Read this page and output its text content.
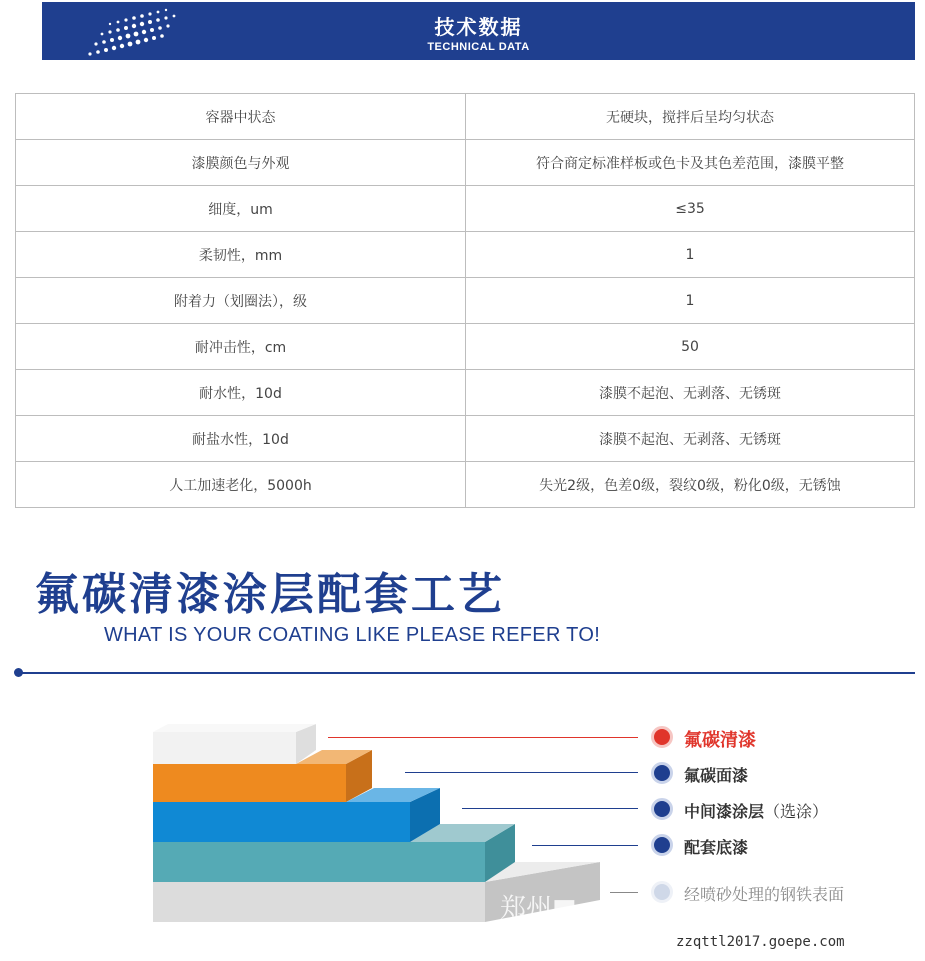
技术数据
TECHNICAL DATA
容器中状态	无硬块，搅拌后呈均匀状态
漆膜颜色与外观	符合商定标准样板或色卡及其色差范围，漆膜平整
细度，um	≤35
柔韧性，mm	1
附着力（划圈法），级	1
耐冲击性，cm	50
耐水性，10d	漆膜不起泡、无剥落、无锈斑
耐盐水性，10d	漆膜不起泡、无剥落、无锈斑
人工加速老化，5000h	失光2级，色差0级，裂纹0级，粉化0级，无锈蚀
氟碳清漆涂层配套工艺
WHAT IS YOUR COATING LIKE PLEASE REFER TO!
郑州■
氟碳清漆
氟碳面漆
中间漆涂层（选涂）
配套底漆
经喷砂处理的钢铁表面
zzqttl2017.goepe.com
